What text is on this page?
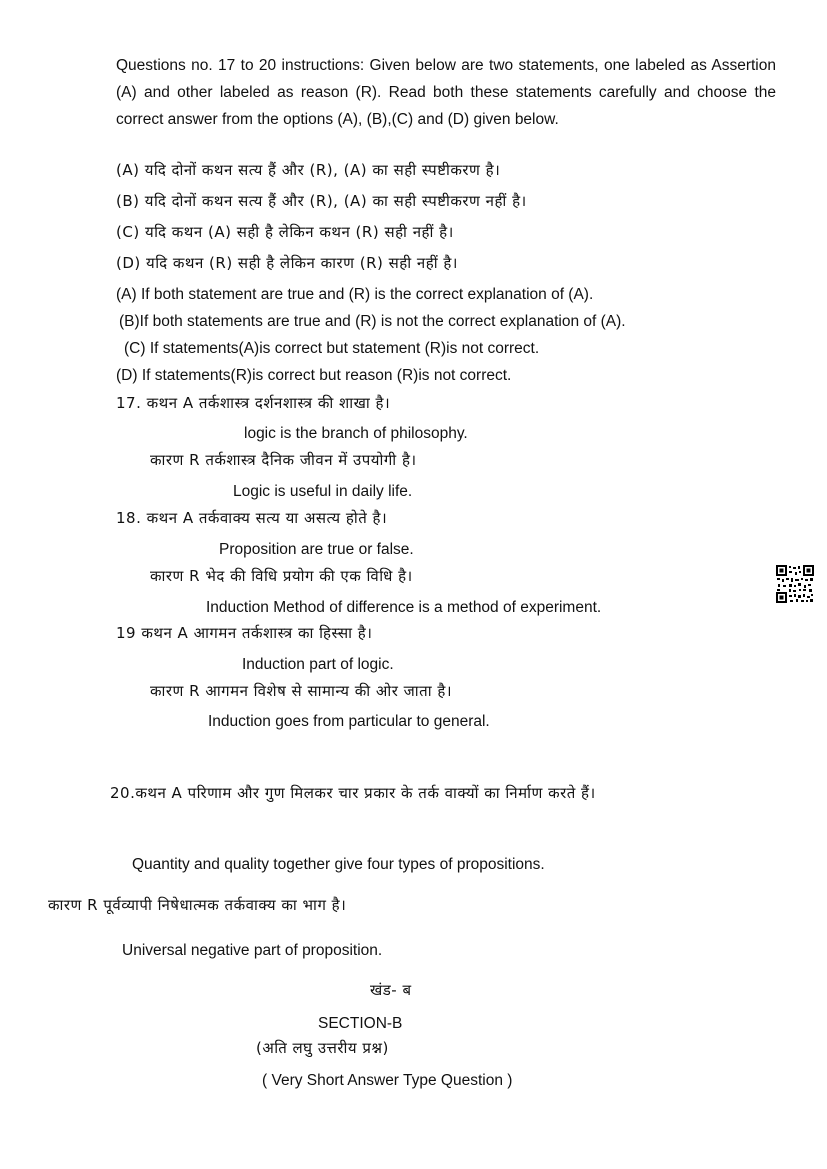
Questions no. 17 to 20 instructions: Given below are two statements, one labeled as Assertion (A) and other labeled as reason (R). Read both these statements carefully and choose the correct answer from the options (A), (B),(C) and (D) given below.
(A) यदि दोनों कथन सत्य हैं और (R), (A) का सही स्पष्टीकरण है।
(B) यदि दोनों कथन सत्य हैं और (R), (A) का सही स्पष्टीकरण नहीं है।
(C) यदि कथन (A) सही है लेकिन कथन (R) सही नहीं है।
(D) यदि कथन (R) सही है लेकिन कारण (R) सही नहीं है।
(A) If both statement are true and (R) is the correct explanation of (A).
(B)If both statements are true and (R) is not the correct explanation of (A).
(C) If statements(A)is correct but statement (R)is not correct.
(D) If statements(R)is correct but reason (R)is not correct.
17. कथन A तर्कशास्त्र दर्शनशास्त्र की शाखा है।
logic is the branch of philosophy.
कारण R तर्कशास्त्र दैनिक जीवन में उपयोगी है।
Logic is useful in daily life.
18. कथन A तर्कवाक्य सत्य या असत्य होते है।
Proposition are true or false.
कारण R भेद की विधि प्रयोग की एक विधि है।
Induction Method of difference is a method of experiment.
19 कथन A आगमन तर्कशास्त्र का हिस्सा है।
Induction part of logic.
कारण R आगमन विशेष से सामान्य की ओर जाता है।
Induction goes from particular to general.
20.कथन A परिणाम और गुण मिलकर चार प्रकार के तर्क वाक्यों का निर्माण करते हैं।
Quantity and quality together give four types of propositions.
कारण R पूर्वव्यापी निषेधात्मक तर्कवाक्य का भाग है।
Universal negative part of proposition.
खंड- ब
SECTION-B
(अति लघु उत्तरीय प्रश्न)
( Very Short Answer Type Question )
